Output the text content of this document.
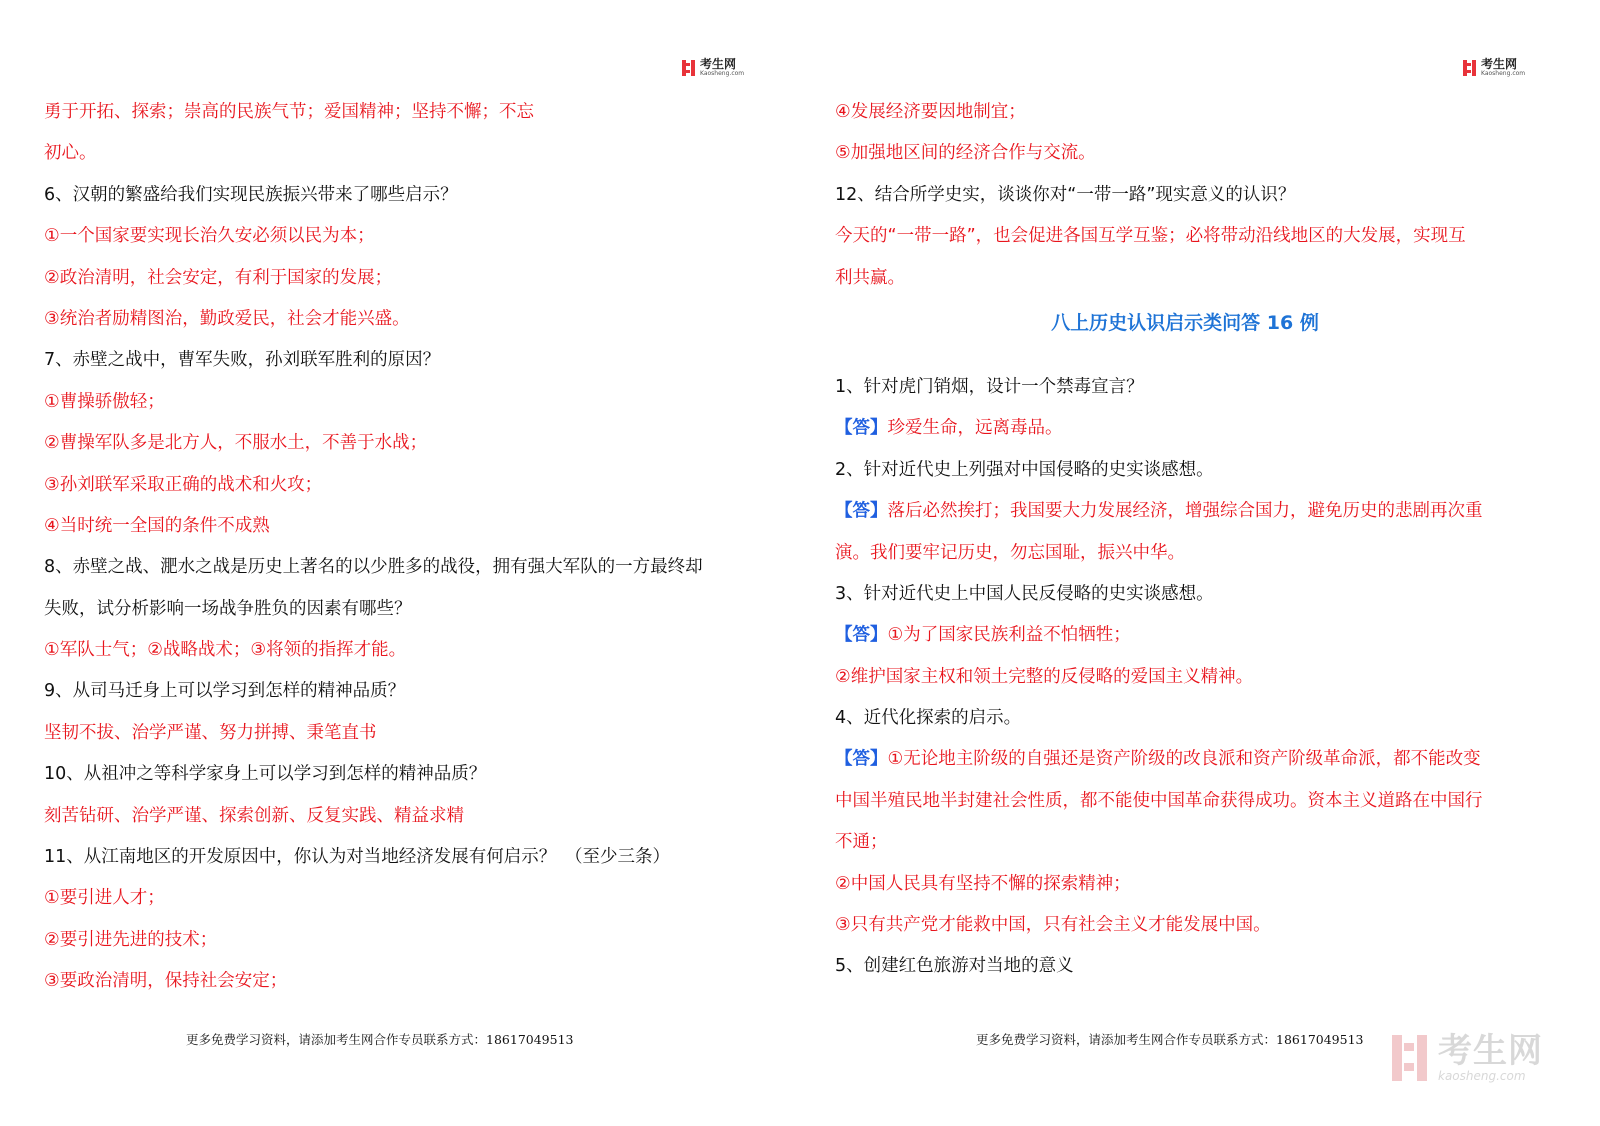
考生网
Kaosheng.com
勇于开拓、探索；崇高的民族气节；爱国精神；坚持不懈；不忘
初心。
6、汉朝的繁盛给我们实现民族振兴带来了哪些启示？
①一个国家要实现长治久安必须以民为本；
②政治清明，社会安定，有利于国家的发展；
③统治者励精图治，勤政爱民，社会才能兴盛。
7、赤壁之战中，曹军失败，孙刘联军胜利的原因？
①曹操骄傲轻；
②曹操军队多是北方人，不服水土，不善于水战；
③孙刘联军采取正确的战术和火攻；
④当时统一全国的条件不成熟
8、赤壁之战、淝水之战是历史上著名的以少胜多的战役，拥有强大军队的一方最终却
失败，试分析影响一场战争胜负的因素有哪些？
①军队士气；②战略战术；③将领的指挥才能。
9、从司马迁身上可以学习到怎样的精神品质？
坚韧不拔、治学严谨、努力拼搏、秉笔直书
10、从祖冲之等科学家身上可以学习到怎样的精神品质？
刻苦钻研、治学严谨、探索创新、反复实践、精益求精
11、从江南地区的开发原因中，你认为对当地经济发展有何启示？　（至少三条）
①要引进人才；
②要引进先进的技术；
③要政治清明，保持社会安定；
更多免费学习资料，请添加考生网合作专员联系方式：18617049513
考生网
Kaosheng.com
④发展经济要因地制宜；
⑤加强地区间的经济合作与交流。
12、结合所学史实，谈谈你对“一带一路”现实意义的认识？
今天的“一带一路”，也会促进各国互学互鉴；必将带动沿线地区的大发展，实现互
利共赢。
八上历史认识启示类问答 16 例
1、针对虎门销烟，设计一个禁毒宣言？
【答】珍爱生命，远离毒品。
2、针对近代史上列强对中国侵略的史实谈感想。
【答】落后必然挨打；我国要大力发展经济，增强综合国力，避免历史的悲剧再次重
演。我们要牢记历史，勿忘国耻，振兴中华。
3、针对近代史上中国人民反侵略的史实谈感想。
【答】①为了国家民族利益不怕牺牲；
②维护国家主权和领土完整的反侵略的爱国主义精神。
4、近代化探索的启示。
【答】①无论地主阶级的自强还是资产阶级的改良派和资产阶级革命派，都不能改变
中国半殖民地半封建社会性质，都不能使中国革命获得成功。资本主义道路在中国行
不通；
②中国人民具有坚持不懈的探索精神；
③只有共产党才能救中国，只有社会主义才能发展中国。
5、创建红色旅游对当地的意义
更多免费学习资料，请添加考生网合作专员联系方式：18617049513 考生网
kaosheng.com
